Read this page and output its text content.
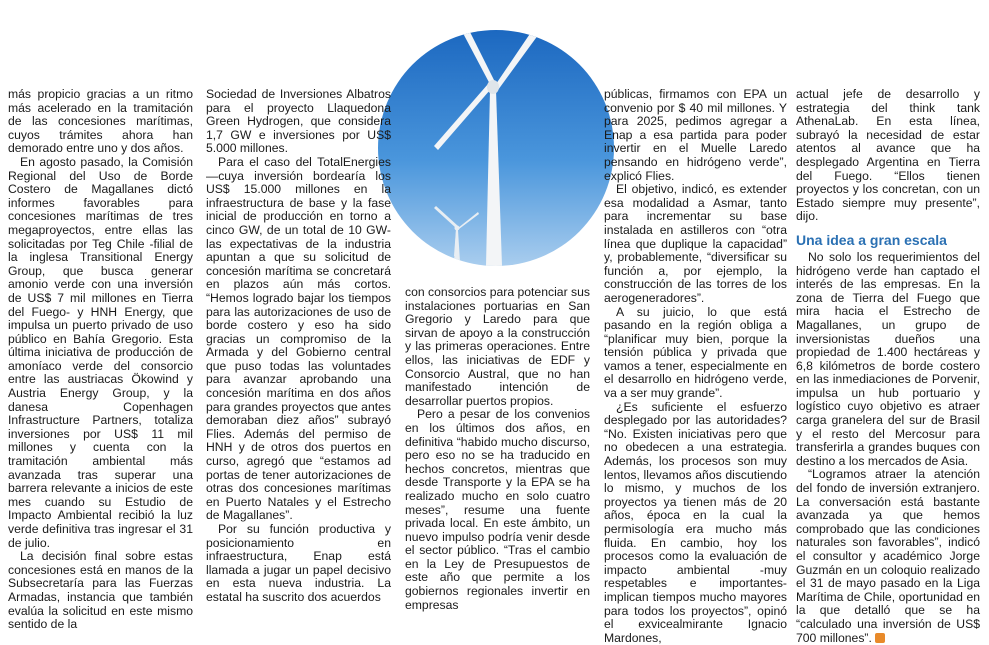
más propicio gracias a un ritmo más acelerado en la tramitación de las concesiones marítimas, cuyos trámites ahora han demorado entre uno y dos años.

En agosto pasado, la Comisión Regional del Uso de Borde Costero de Magallanes dictó informes favorables para concesiones marítimas de tres megaproyectos, entre ellas las solicitadas por Teg Chile -filial de la inglesa Transitional Energy Group, que busca generar amonio verde con una inversión de US$ 7 mil millones en Tierra del Fuego- y HNH Energy, que impulsa un puerto privado de uso público en Bahía Gregorio. Esta última iniciativa de producción de amoníaco verde del consorcio entre las austriacas Ökowind y Austria Energy Group, y la danesa Copenhagen Infrastructure Partners, totaliza inversiones por US$ 11 mil millones y cuenta con la tramitación ambiental más avanzada tras superar una barrera relevante a inicios de este mes cuando su Estudio de Impacto Ambiental recibió la luz verde definitiva tras ingresar el 31 de julio.

La decisión final sobre estas concesiones está en manos de la Subsecretaría para las Fuerzas Armadas, instancia que también evalúa la solicitud en este mismo sentido de la

Sociedad de Inversiones Albatros para el proyecto Llaquedona Green Hydrogen, que considera 1,7 GW e inversiones por US$ 5.000 millones.

Para el caso del TotalEnergies —cuya inversión bordearía los US$ 15.000 millones en la infraestructura de base y la fase inicial de producción en torno a cinco GW, de un total de 10 GW- las expectativas de la industria apuntan a que su solicitud de concesión marítima se concretará en plazos aún más cortos. “Hemos logrado bajar los tiempos para las autorizaciones de uso de borde costero y eso ha sido gracias un compromiso de la Armada y del Gobierno central que puso todas las voluntades para avanzar aprobando una concesión marítima en dos años para grandes proyectos que antes demoraban diez años” subrayó Flies. Además del permiso de HNH y de otros dos puertos en curso, agregó que “estamos ad portas de tener autorizaciones de otras dos concesiones marítimas en Puerto Natales y el Estrecho de Magallanes”.

Por su función productiva y posicionamiento en infraestructura, Enap está llamada a jugar un papel decisivo en esta nueva industria. La estatal ha suscrito dos acuerdos

con consorcios para potenciar sus instalaciones portuarias en San Gregorio y Laredo para que sirvan de apoyo a la construcción y las primeras operaciones. Entre ellos, las iniciativas de EDF y Consorcio Austral, que no han manifestado intención de desarrollar puertos propios.

Pero a pesar de los convenios en los últimos dos años, en definitiva “habido mucho discurso, pero eso no se ha traducido en hechos concretos, mientras que desde Transporte y la EPA se ha realizado mucho en solo cuatro meses”, resume una fuente privada local. En este ámbito, un nuevo impulso podría venir desde el sector público. “Tras el cambio en la Ley de Presupuestos de este año que permite a los gobiernos regionales invertir en empresas

públicas, firmamos con EPA un convenio por $ 40 mil millones. Y para 2025, pedimos agregar a Enap a esa partida para poder invertir en el Muelle Laredo pensando en hidrógeno verde”, explicó Flies.

El objetivo, indicó, es extender esa modalidad a Asmar, tanto para incrementar su base instalada en astilleros con “otra línea que duplique la capacidad” y, probablemente, “diversificar su función a, por ejemplo, la construcción de las torres de los aerogeneradores”.

A su juicio, lo que está pasando en la región obliga a “planificar muy bien, porque la tensión pública y privada que vamos a tener, especialmente en el desarrollo en hidrógeno verde, va a ser muy grande”.

¿Es suficiente el esfuerzo desplegado por las autoridades? “No. Existen iniciativas pero que no obedecen a una estrategia. Además, los procesos son muy lentos, llevamos años discutiendo lo mismo, y muchos de los proyectos ya tienen más de 20 años, época en la cual la permisología era mucho más fluida. En cambio, hoy los procesos como la evaluación de impacto ambiental -muy respetables e importantes- implican tiempos mucho mayores para todos los proyectos”, opinó el exvicealmirante Ignacio Mardones,

actual jefe de desarrollo y estrategia del think tank AthenaLab. En esta línea, subrayó la necesidad de estar atentos al avance que ha desplegado Argentina en Tierra del Fuego. “Ellos tienen proyectos y los concretan, con un Estado siempre muy presente”, dijo.

Una idea a gran escala

No solo los requerimientos del hidrógeno verde han captado el interés de las empresas. En la zona de Tierra del Fuego que mira hacia el Estrecho de Magallanes, un grupo de inversionistas dueños una propiedad de 1.400 hectáreas y 6,8 kilómetros de borde costero en las inmediaciones de Porvenir, impulsa un hub portuario y logístico cuyo objetivo es atraer carga granelera del sur de Brasil y el resto del Mercosur para transferirla a grandes buques con destino a los mercados de Asia.

“Logramos atraer la atención del fondo de inversión extranjero. La conversación está bastante avanzada ya que hemos comprobado que las condiciones naturales son favorables”, indicó el consultor y académico Jorge Guzmán en un coloquio realizado el 31 de mayo pasado en la Liga Marítima de Chile, oportunidad en la que detalló que se ha “calculado una inversión de US$ 700 millones”.
